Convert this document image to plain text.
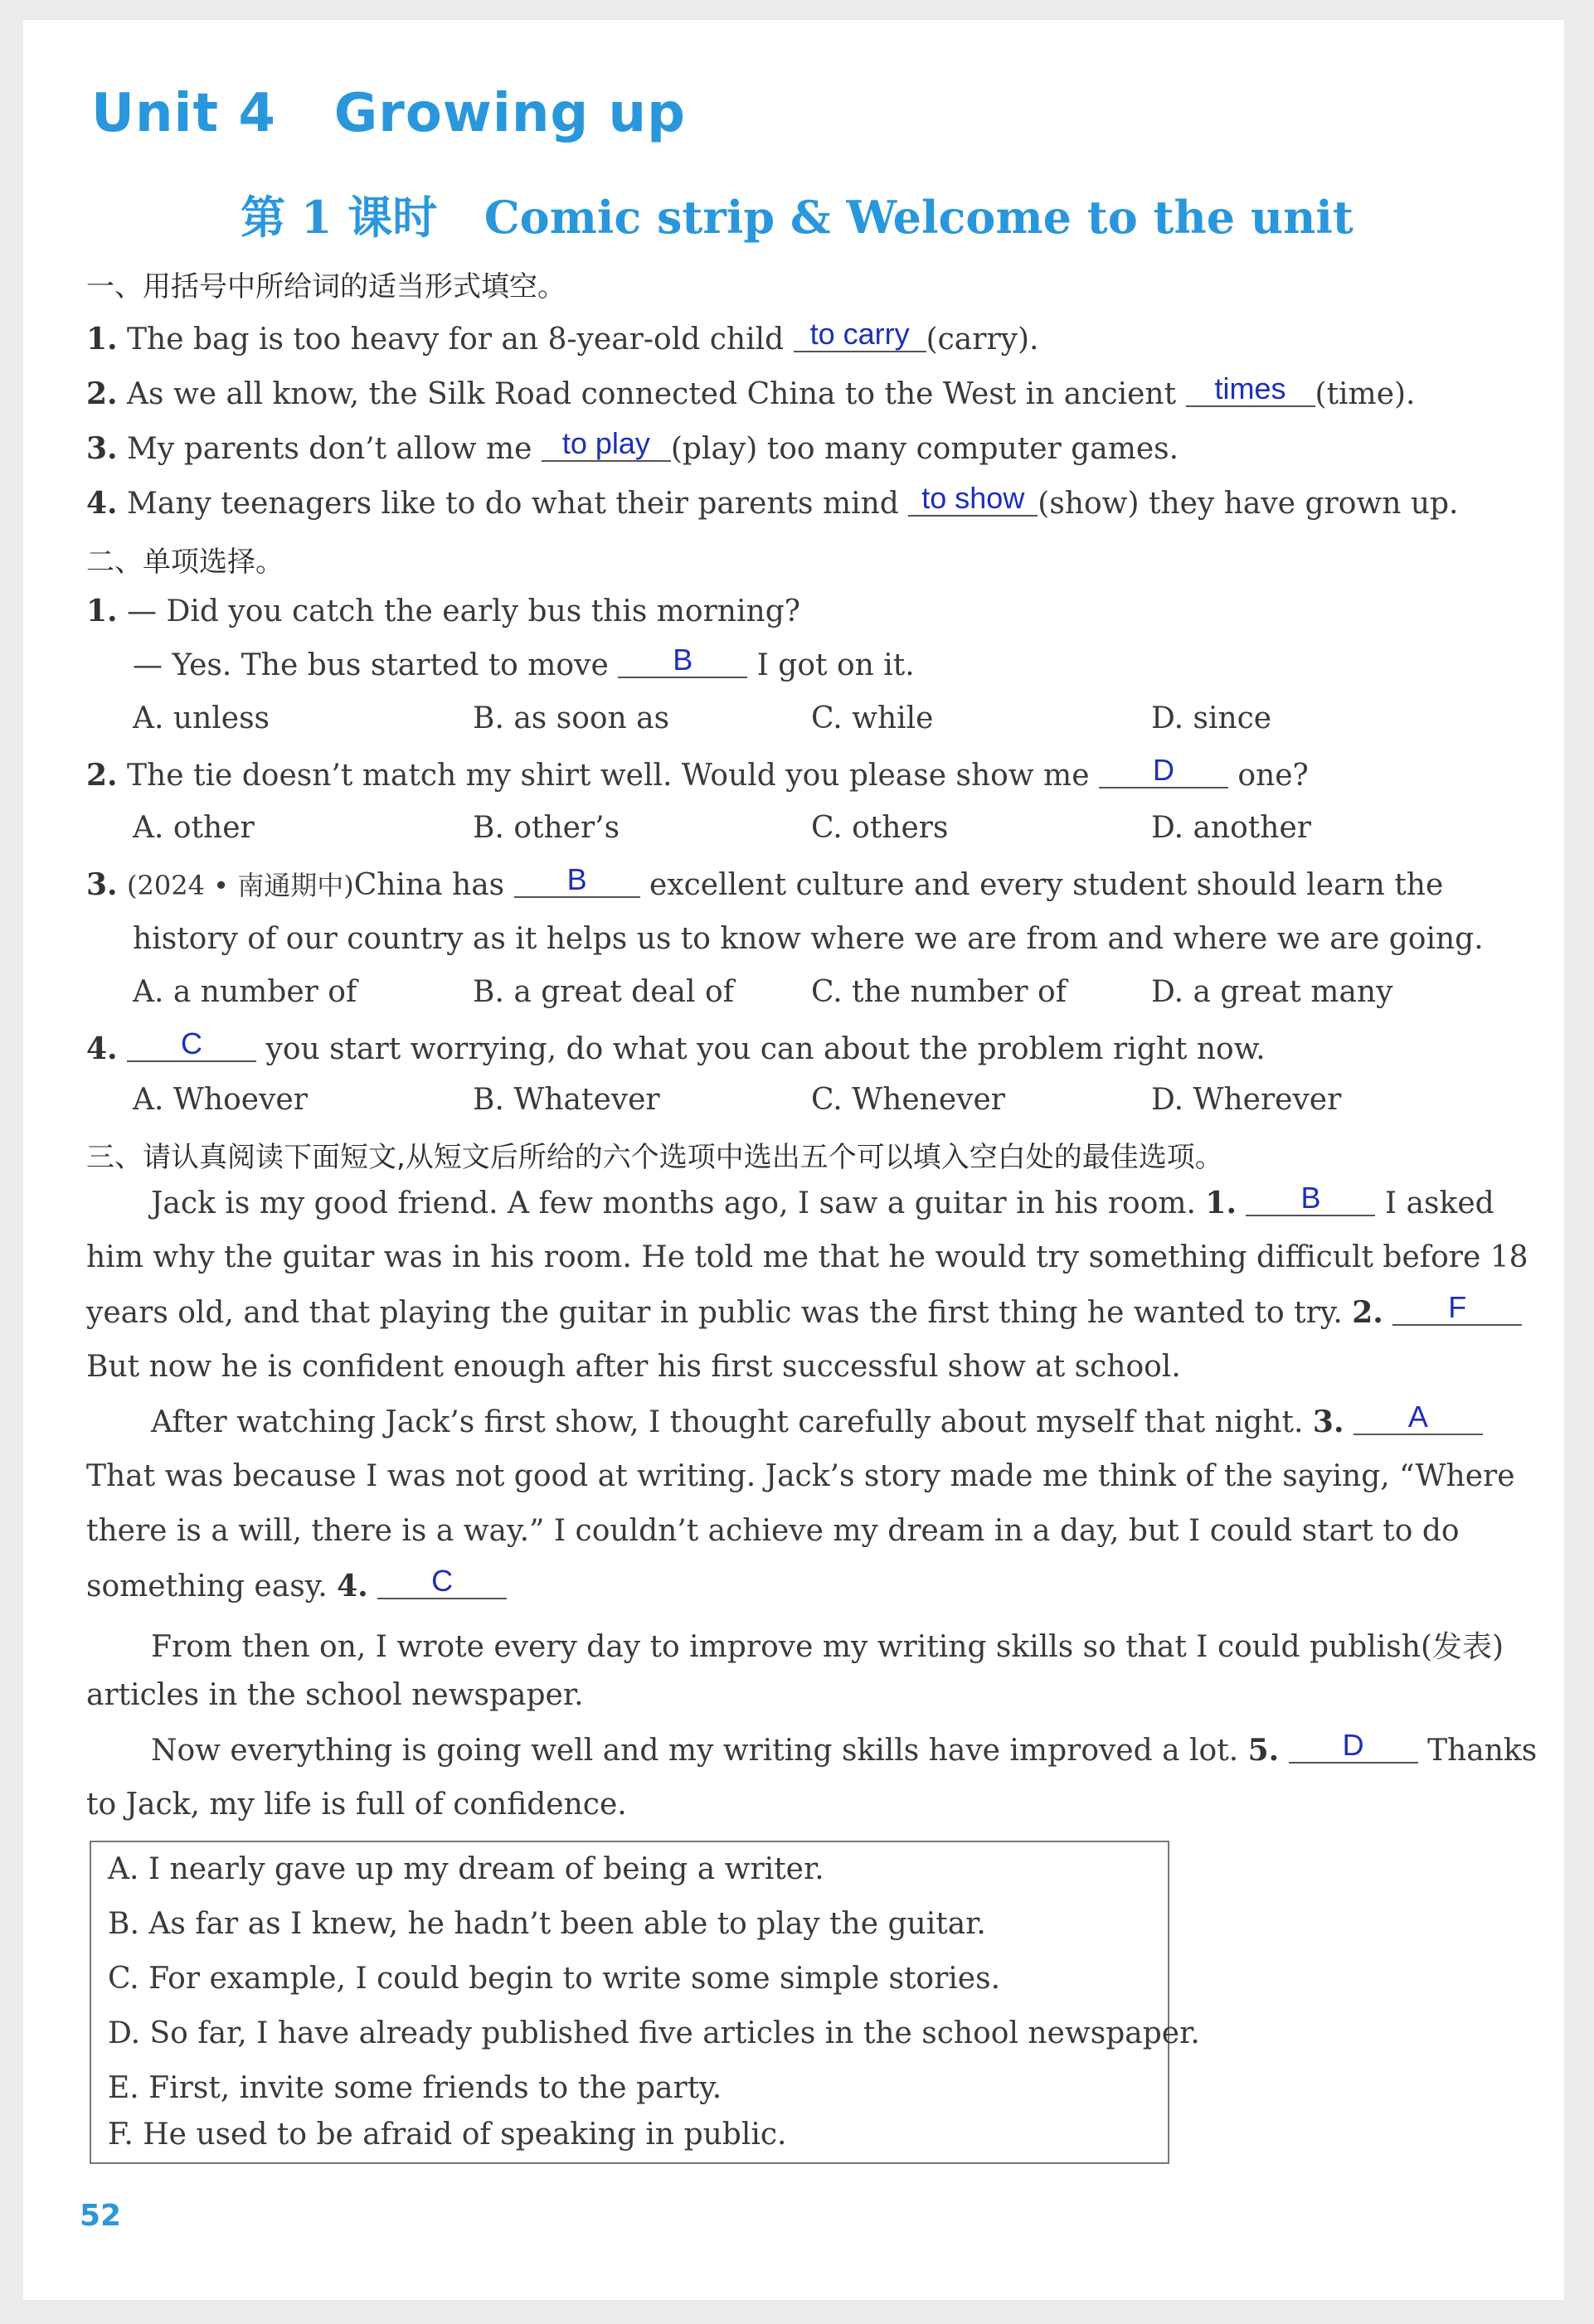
Unit 4   Growing up
第 1 课时   Comic strip & Welcome to the unit
一、用括号中所给词的适当形式填空。
1. The bag is too heavy for an 8-year-old child to carry (carry).
2. As we all know, the Silk Road connected China to the West in ancient times (time).
3. My parents don’t allow me to play (play) too many computer games.
4. Many teenagers like to do what their parents mind to show (show) they have grown up.
二、单项选择。
1. — Did you catch the early bus this morning?
— Yes. The bus started to move B I got on it.
A. unless	B. as soon as	C. while	D. since
2. The tie doesn’t match my shirt well. Would you please show me D one?
A. other	B. other’s	C. others	D. another
3. (2024 • 南通期中)China has B excellent culture and every student should learn the
history of our country as it helps us to know where we are from and where we are going.
A. a number of	B. a great deal of	C. the number of	D. a great many
4. C you start worrying, do what you can about the problem right now.
A. Whoever	B. Whatever	C. Whenever	D. Wherever
三、请认真阅读下面短文,从短文后所给的六个选项中选出五个可以填入空白处的最佳选项。
Jack is my good friend. A few months ago, I saw a guitar in his room. 1. B I asked
him why the guitar was in his room. He told me that he would try something difficult before 18
years old, and that playing the guitar in public was the first thing he wanted to try. 2. F
But now he is confident enough after his first successful show at school.
After watching Jack’s first show, I thought carefully about myself that night. 3. A
That was because I was not good at writing. Jack’s story made me think of the saying, “Where
there is a will, there is a way.” I couldn’t achieve my dream in a day, but I could start to do
something easy. 4. C
From then on, I wrote every day to improve my writing skills so that I could publish(发表)
articles in the school newspaper.
Now everything is going well and my writing skills have improved a lot. 5. D Thanks
to Jack, my life is full of confidence.
A. I nearly gave up my dream of being a writer.
B. As far as I knew, he hadn’t been able to play the guitar.
C. For example, I could begin to write some simple stories.
D. So far, I have already published five articles in the school newspaper.
E. First, invite some friends to the party.
F. He used to be afraid of speaking in public.
52
